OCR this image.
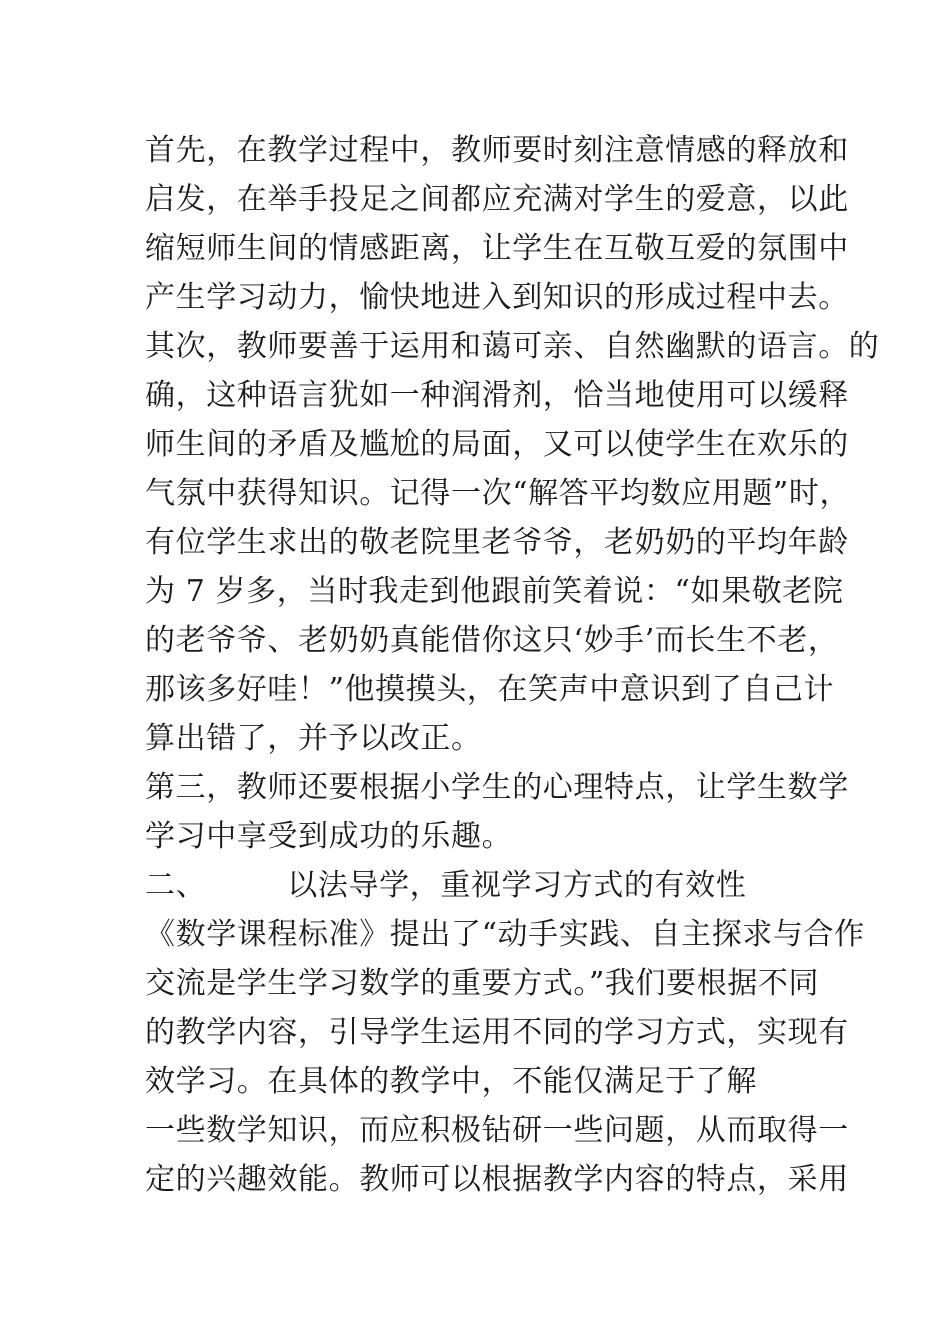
首先，在教学过程中，教师要时刻注意情感的释放和
启发，在举手投足之间都应充满对学生的爱意，以此
缩短师生间的情感距离，让学生在互敬互爱的氛围中
产生学习动力，愉快地进入到知识的形成过程中去。
其次，教师要善于运用和蔼可亲、自然幽默的语言。的
确，这种语言犹如一种润滑剂，恰当地使用可以缓释
师生间的矛盾及尴尬的局面，又可以使学生在欢乐的
气氛中获得知识。记得一次“解答平均数应用题”时，
有位学生求出的敬老院里老爷爷，老奶奶的平均年龄
为 7 岁多，当时我走到他跟前笑着说：“如果敬老院
的老爷爷、老奶奶真能借你这只‘妙手’而长生不老，
那该多好哇！”他摸摸头，在笑声中意识到了自己计
算出错了，并予以改正。
第三，教师还要根据小学生的心理特点，让学生数学
学习中享受到成功的乐趣。
二、        以法导学，重视学习方式的有效性
《数学课程标准》提出了“动手实践、自主探求与合作
交流是学生学习数学的重要方式。”我们要根据不同
的教学内容，引导学生运用不同的学习方式，实现有
效学习。在具体的教学中，不能仅满足于了解
一些数学知识，而应积极钻研一些问题，从而取得一
定的兴趣效能。教师可以根据教学内容的特点，采用
